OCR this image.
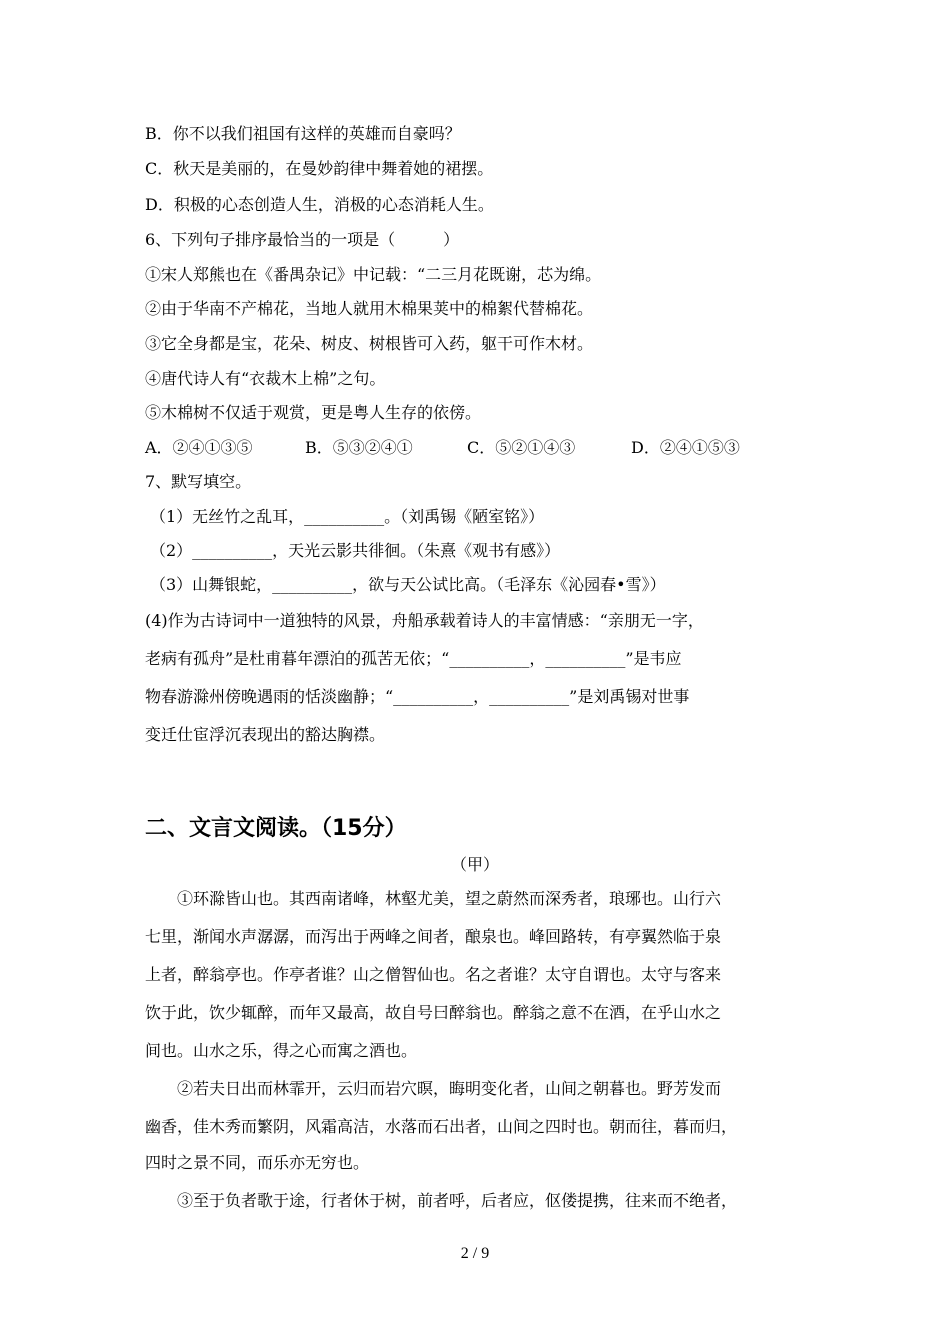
B．你不以我们祖国有这样的英雄而自豪吗？
C．秋天是美丽的，在曼妙韵律中舞着她的裙摆。
D．积极的心态创造人生，消极的心态消耗人生。
6、下列句子排序最恰当的一项是（　　　）
①宋人郑熊也在《番禺杂记》中记载：“二三月花既谢，芯为绵。
②由于华南不产棉花，当地人就用木棉果荚中的棉絮代替棉花。
③它全身都是宝，花朵、树皮、树根皆可入药，躯干可作木材。
④唐代诗人有“衣裁木上棉”之句。
⑤木棉树不仅适于观赏，更是粤人生存的依傍。
A．②④①③⑤	B．⑤③②④①	C．⑤②①④③	D．②④①⑤③
7、默写填空。
（1）无丝竹之乱耳，__________。（刘禹锡《陋室铭》）
（2）__________，天光云影共徘徊。（朱熹《观书有感》）
（3）山舞银蛇，__________，欲与天公试比高。（毛泽东《沁园春•雪》）
(4)作为古诗词中一道独特的风景，舟船承载着诗人的丰富情感：“亲朋无一字，
老病有孤舟”是杜甫暮年漂泊的孤苦无依；“__________，__________”是韦应
物春游滁州傍晚遇雨的恬淡幽静；“__________，__________”是刘禹锡对世事
变迁仕宦浮沉表现出的豁达胸襟。
二、文言文阅读。（15分）
（甲）
①环滁皆山也。其西南诸峰，林壑尤美，望之蔚然而深秀者，琅琊也。山行六
七里，渐闻水声潺潺，而泻出于两峰之间者，酿泉也。峰回路转，有亭翼然临于泉
上者，醉翁亭也。作亭者谁？山之僧智仙也。名之者谁？太守自谓也。太守与客来
饮于此，饮少辄醉，而年又最高，故自号曰醉翁也。醉翁之意不在酒，在乎山水之
间也。山水之乐，得之心而寓之酒也。
②若夫日出而林霏开，云归而岩穴暝，晦明变化者，山间之朝暮也。野芳发而
幽香，佳木秀而繁阴，风霜高洁，水落而石出者，山间之四时也。朝而往，暮而归，
四时之景不同，而乐亦无穷也。
③至于负者歌于途，行者休于树，前者呼，后者应，伛偻提携，往来而不绝者，
2 / 9
